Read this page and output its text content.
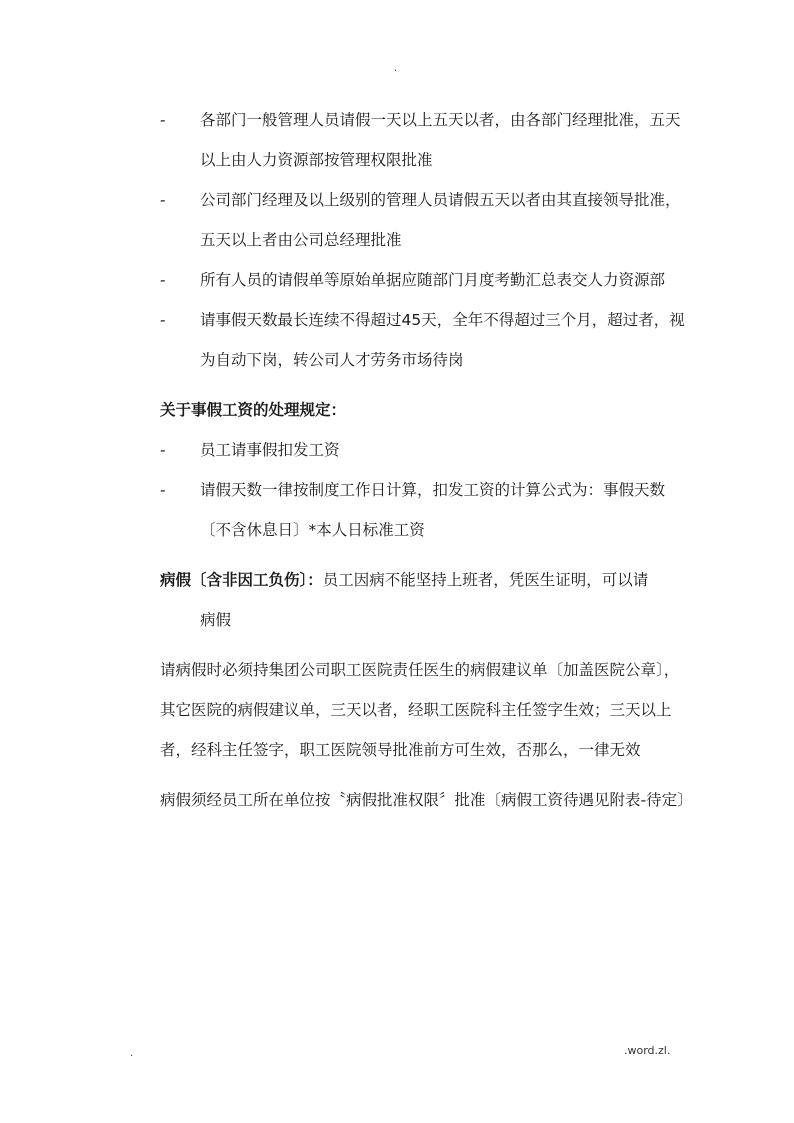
.
-	各部门一般管理人员请假一天以上五天以者，由各部门经理批准，五天以上由人力资源部按管理权限批准
-	公司部门经理及以上级别的管理人员请假五天以者由其直接领导批准，五天以上者由公司总经理批准
-	所有人员的请假单等原始单据应随部门月度考勤汇总表交人力资源部
-	请事假天数最长连续不得超过45天，全年不得超过三个月，超过者，视为自动下岗，转公司人才劳务市场待岗
关于事假工资的处理规定：
-	员工请事假扣发工资
-	请假天数一律按制度工作日计算，扣发工资的计算公式为：事假天数〔不含休息日〕*本人日标准工资
病假〔含非因工负伤〕：员工因病不能坚持上班者，凭医生证明，可以请
病假
请病假时必须持集团公司职工医院责任医生的病假建议单〔加盖医院公章〕，其它医院的病假建议单，三天以者，经职工医院科主任签字生效；三天以上者，经科主任签字，职工医院领导批准前方可生效，否那么，一律无效
病假须经员工所在单位按〝病假批准权限〞批准〔病假工资待遇见附表-待定〕
.	.word.zl.
